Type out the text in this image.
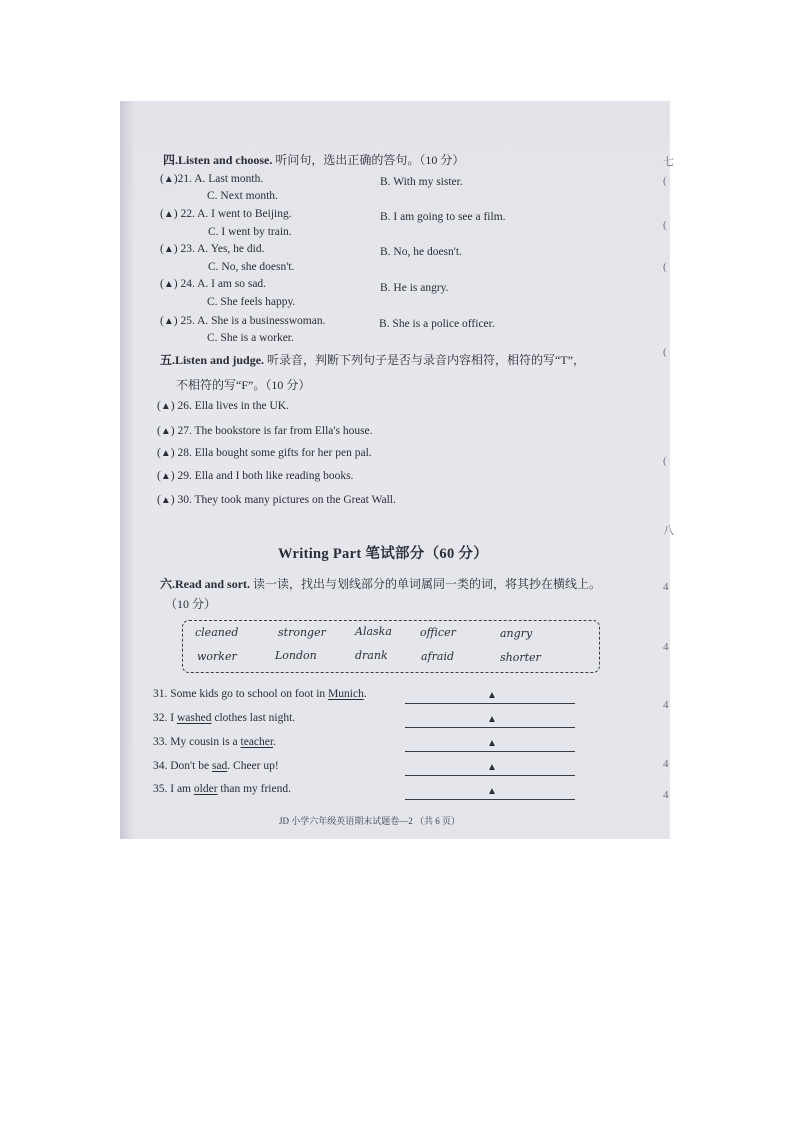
四.Listen and choose. 听问句，选出正确的答句。（10 分）
(▲)21. A. Last month.	B. With my sister.
C. Next month.
(▲) 22. A. I went to Beijing.	B. I am going to see a film.
C. I went by train.
(▲) 23. A. Yes, he did.	B. No, he doesn't.
C. No, she doesn't.
(▲) 24. A. I am so sad.	B. He is angry.
C. She feels happy.
(▲) 25. A. She is a businesswoman.	B. She is a police officer.
C. She is a worker.
五.Listen and judge. 听录音，判断下列句子是否与录音内容相符，相符的写“T”，
不相符的写“F”。（10 分）
(▲) 26. Ella lives in the UK.
(▲) 27. The bookstore is far from Ella's house.
(▲) 28. Ella bought some gifts for her pen pal.
(▲) 29. Ella and I both like reading books.
(▲) 30. They took many pictures on the Great Wall.
Writing Part 笔试部分（60 分）
六.Read and sort. 读一读，找出与划线部分的单词属同一类的词，将其抄在横线上。
（10 分）
cleaned	stronger	Alaska	officer	angry
worker	London	drank	afraid	shorter
31. Some kids go to school on foot in Munich.	▲
32. I washed clothes last night.	▲
33. My cousin is a teacher.	▲
34. Don't be sad. Cheer up!	▲
35. I am older than my friend.	▲
JD 小学六年级英语期末试题卷—2 （共 6 页）
七
(
(
(
(
(
八
4
4
4
4
4
